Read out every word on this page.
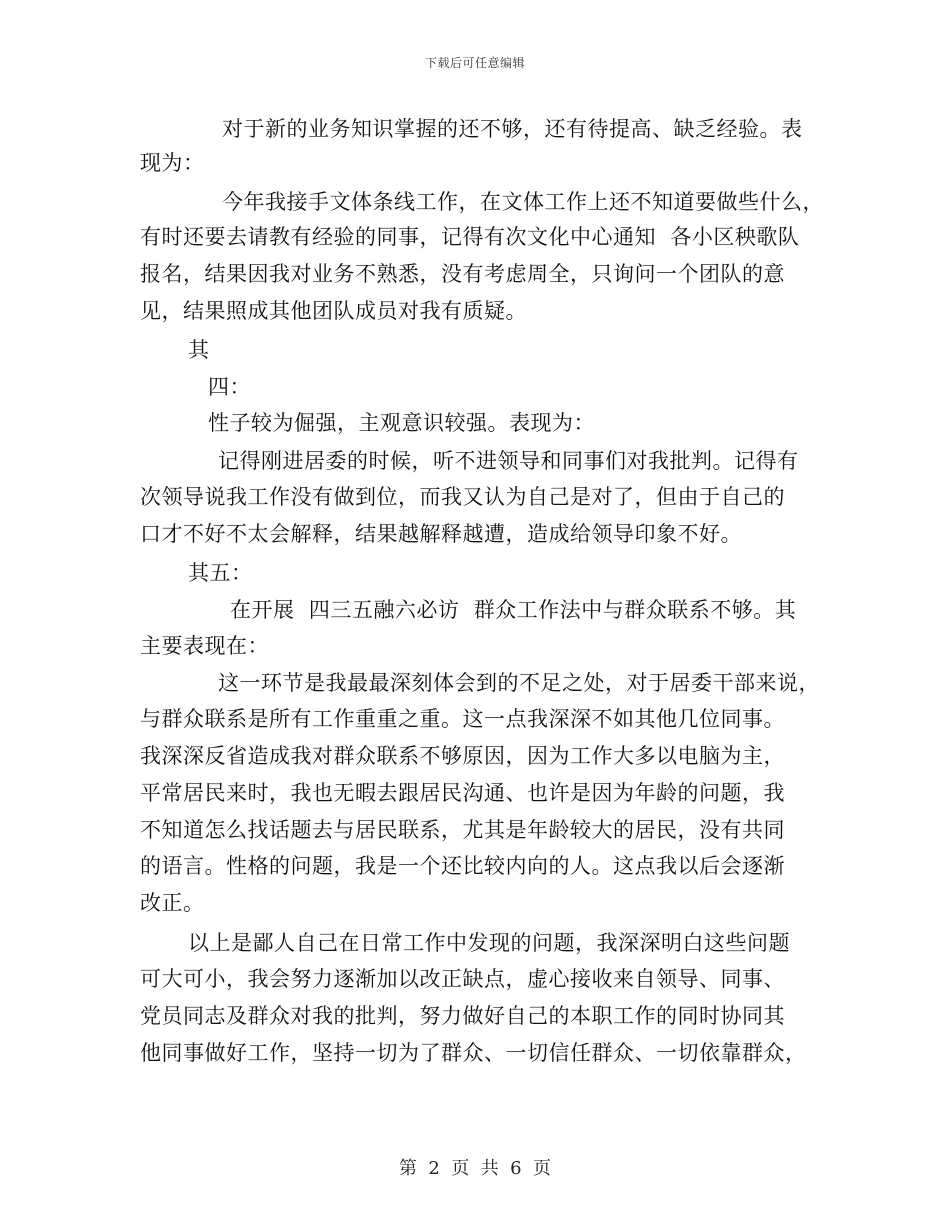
下载后可任意编辑
对于新的业务知识掌握的还不够，还有待提高、缺乏经验。表
现为：
今年我接手文体条线工作，在文体工作上还不知道要做些什么，
有时还要去请教有经验的同事，记得有次文化中心通知  各小区秧歌队
报名，结果因我对业务不熟悉，没有考虑周全，只询问一个团队的意
见，结果照成其他团队成员对我有质疑。
其
四：
性子较为倔强，主观意识较强。表现为：
记得刚进居委的时候，听不进领导和同事们对我批判。记得有
次领导说我工作没有做到位，而我又认为自己是对了，但由于自己的
口才不好不太会解释，结果越解释越遭，造成给领导印象不好。
其五：
在开展  四三五融六必访  群众工作法中与群众联系不够。其
主要表现在：
这一环节是我最最深刻体会到的不足之处，对于居委干部来说，
与群众联系是所有工作重重之重。这一点我深深不如其他几位同事。
我深深反省造成我对群众联系不够原因，因为工作大多以电脑为主，
平常居民来时，我也无暇去跟居民沟通、也许是因为年龄的问题，我
不知道怎么找话题去与居民联系，尤其是年龄较大的居民，没有共同
的语言。性格的问题，我是一个还比较内向的人。这点我以后会逐渐
改正。
以上是鄙人自己在日常工作中发现的问题，我深深明白这些问题
可大可小，我会努力逐渐加以改正缺点，虚心接收来自领导、同事、
党员同志及群众对我的批判，努力做好自己的本职工作的同时协同其
他同事做好工作，坚持一切为了群众、一切信任群众、一切依靠群众，
第  2  页  共  6  页
